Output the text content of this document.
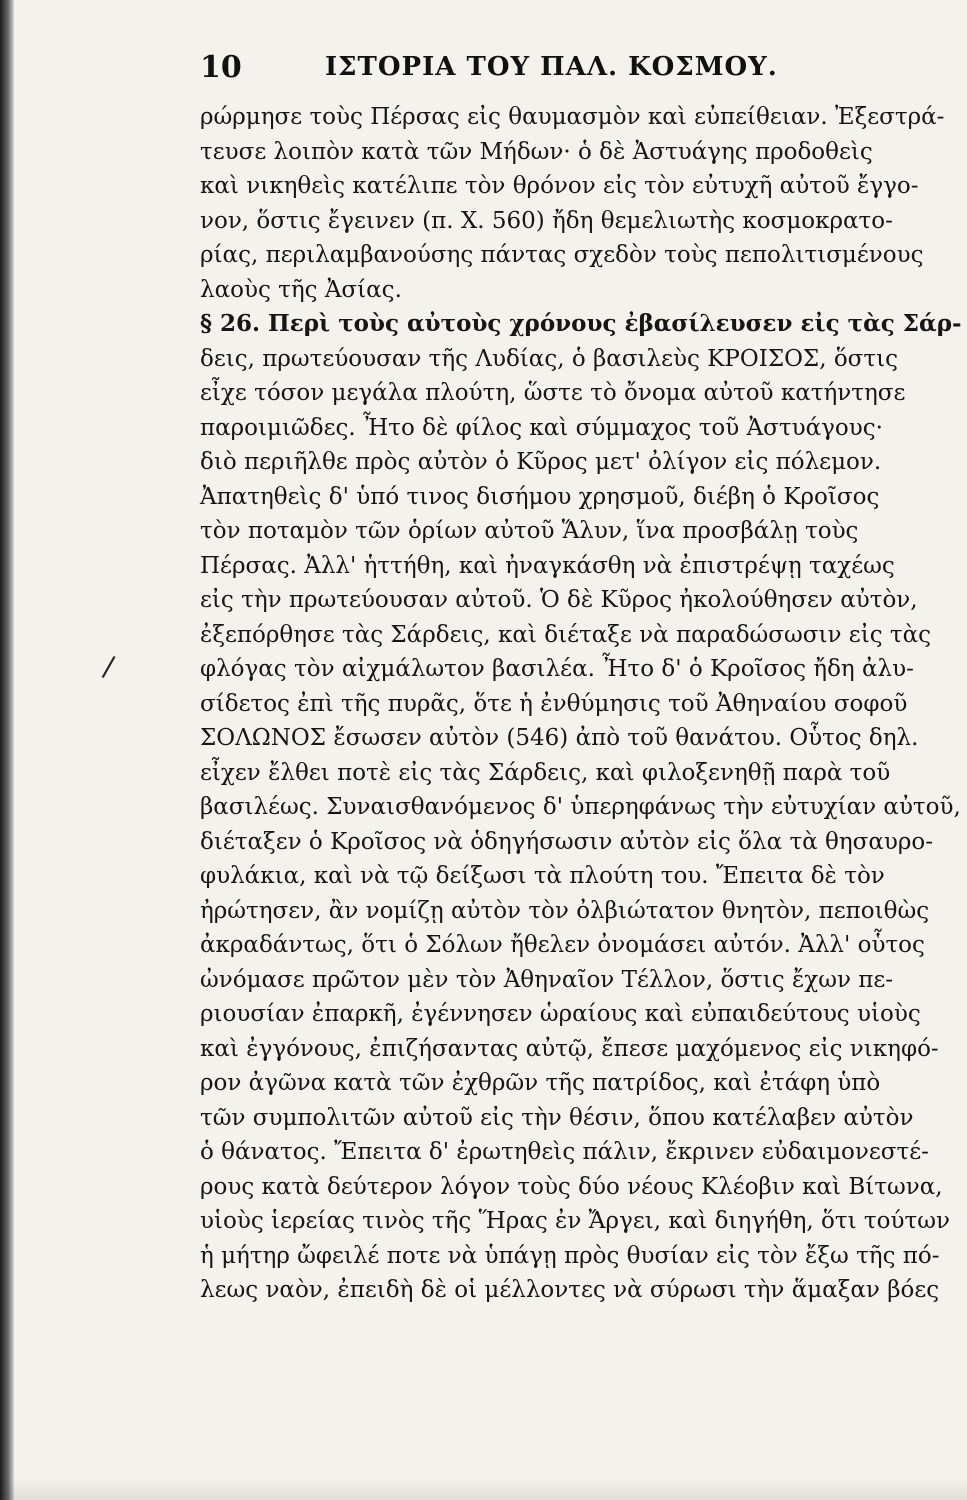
10	ΙΣΤΟΡΙΑ ΤΟΥ ΠΑΛ. ΚΟΣΜΟΥ.
/
ρώρμησε τοὺς Πέρσας εἰς θαυμασμὸν καὶ εὐπείθειαν. Ἐξεστρά-
τευσε λοιπὸν κατὰ τῶν Μήδων· ὁ δὲ Ἀστυάγης προδοθεὶς
καὶ νικηθεὶς κατέλιπε τὸν θρόνον εἰς τὸν εὐτυχῆ αὐτοῦ ἔγγο-
νον, ὅστις ἔγεινεν (π. Χ. 560) ἤδη θεμελιωτὴς κοσμοκρατο-
ρίας, περιλαμβανούσης πάντας σχεδὸν τοὺς πεπολιτισμένους
λαοὺς τῆς Ἀσίας.
§ 26. Περὶ τοὺς αὐτοὺς χρόνους ἐβασίλευσεν εἰς τὰς Σάρ-
δεις, πρωτεύουσαν τῆς Λυδίας, ὁ βασιλεὺς ΚΡΟΙΣΟΣ, ὅστις
εἶχε τόσον μεγάλα πλούτη, ὥστε τὸ ὄνομα αὐτοῦ κατήντησε
παροιμιῶδες. Ἦτο δὲ φίλος καὶ σύμμαχος τοῦ Ἀστυάγους·
διὸ περιῆλθε πρὸς αὐτὸν ὁ Κῦρος μετ' ὀλίγον εἰς πόλεμον.
Ἀπατηθεὶς δ' ὑπό τινος δισήμου χρησμοῦ, διέβη ὁ Κροῖσος
τὸν ποταμὸν τῶν ὁρίων αὐτοῦ Ἅλυν, ἵνα προσβάλῃ τοὺς
Πέρσας. Ἀλλ' ἡττήθη, καὶ ἠναγκάσθη νὰ ἐπιστρέψῃ ταχέως
εἰς τὴν πρωτεύουσαν αὐτοῦ. Ὁ δὲ Κῦρος ἠκολούθησεν αὐτὸν,
ἐξεπόρθησε τὰς Σάρδεις, καὶ διέταξε νὰ παραδώσωσιν εἰς τὰς
φλόγας τὸν αἰχμάλωτον βασιλέα. Ἦτο δ' ὁ Κροῖσος ἤδη ἀλυ-
σίδετος ἐπὶ τῆς πυρᾶς, ὅτε ἡ ἐνθύμησις τοῦ Ἀθηναίου σοφοῦ
ΣΟΛΩΝΟΣ ἔσωσεν αὐτὸν (546) ἀπὸ τοῦ θανάτου. Οὗτος δηλ.
εἶχεν ἔλθει ποτὲ εἰς τὰς Σάρδεις, καὶ φιλοξενηθῇ παρὰ τοῦ
βασιλέως. Συναισθανόμενος δ' ὑπερηφάνως τὴν εὐτυχίαν αὐτοῦ,
διέταξεν ὁ Κροῖσος νὰ ὁδηγήσωσιν αὐτὸν εἰς ὅλα τὰ θησαυρο-
φυλάκια, καὶ νὰ τῷ δείξωσι τὰ πλούτη του. Ἔπειτα δὲ τὸν
ἠρώτησεν, ἂν νομίζῃ αὐτὸν τὸν ὀλβιώτατον θνητὸν, πεποιθὼς
ἀκραδάντως, ὅτι ὁ Σόλων ἤθελεν ὀνομάσει αὐτόν. Ἀλλ' οὗτος
ὠνόμασε πρῶτον μὲν τὸν Ἀθηναῖον Τέλλον, ὅστις ἔχων πε-
ριουσίαν ἐπαρκῆ, ἐγέννησεν ὡραίους καὶ εὐπαιδεύτους υἱοὺς
καὶ ἐγγόνους, ἐπιζήσαντας αὐτῷ, ἔπεσε μαχόμενος εἰς νικηφό-
ρον ἀγῶνα κατὰ τῶν ἐχθρῶν τῆς πατρίδος, καὶ ἐτάφη ὑπὸ
τῶν συμπολιτῶν αὐτοῦ εἰς τὴν θέσιν, ὅπου κατέλαβεν αὐτὸν
ὁ θάνατος. Ἔπειτα δ' ἐρωτηθεὶς πάλιν, ἔκρινεν εὐδαιμονεστέ-
ρους κατὰ δεύτερον λόγον τοὺς δύο νέους Κλέοβιν καὶ Βίτωνα,
υἱοὺς ἱερείας τινὸς τῆς Ἥρας ἐν Ἄργει, καὶ διηγήθη, ὅτι τούτων
ἡ μήτηρ ὤφειλέ ποτε νὰ ὑπάγῃ πρὸς θυσίαν εἰς τὸν ἔξω τῆς πό-
λεως ναὸν, ἐπειδὴ δὲ οἱ μέλλοντες νὰ σύρωσι τὴν ἅμαξαν βόες
